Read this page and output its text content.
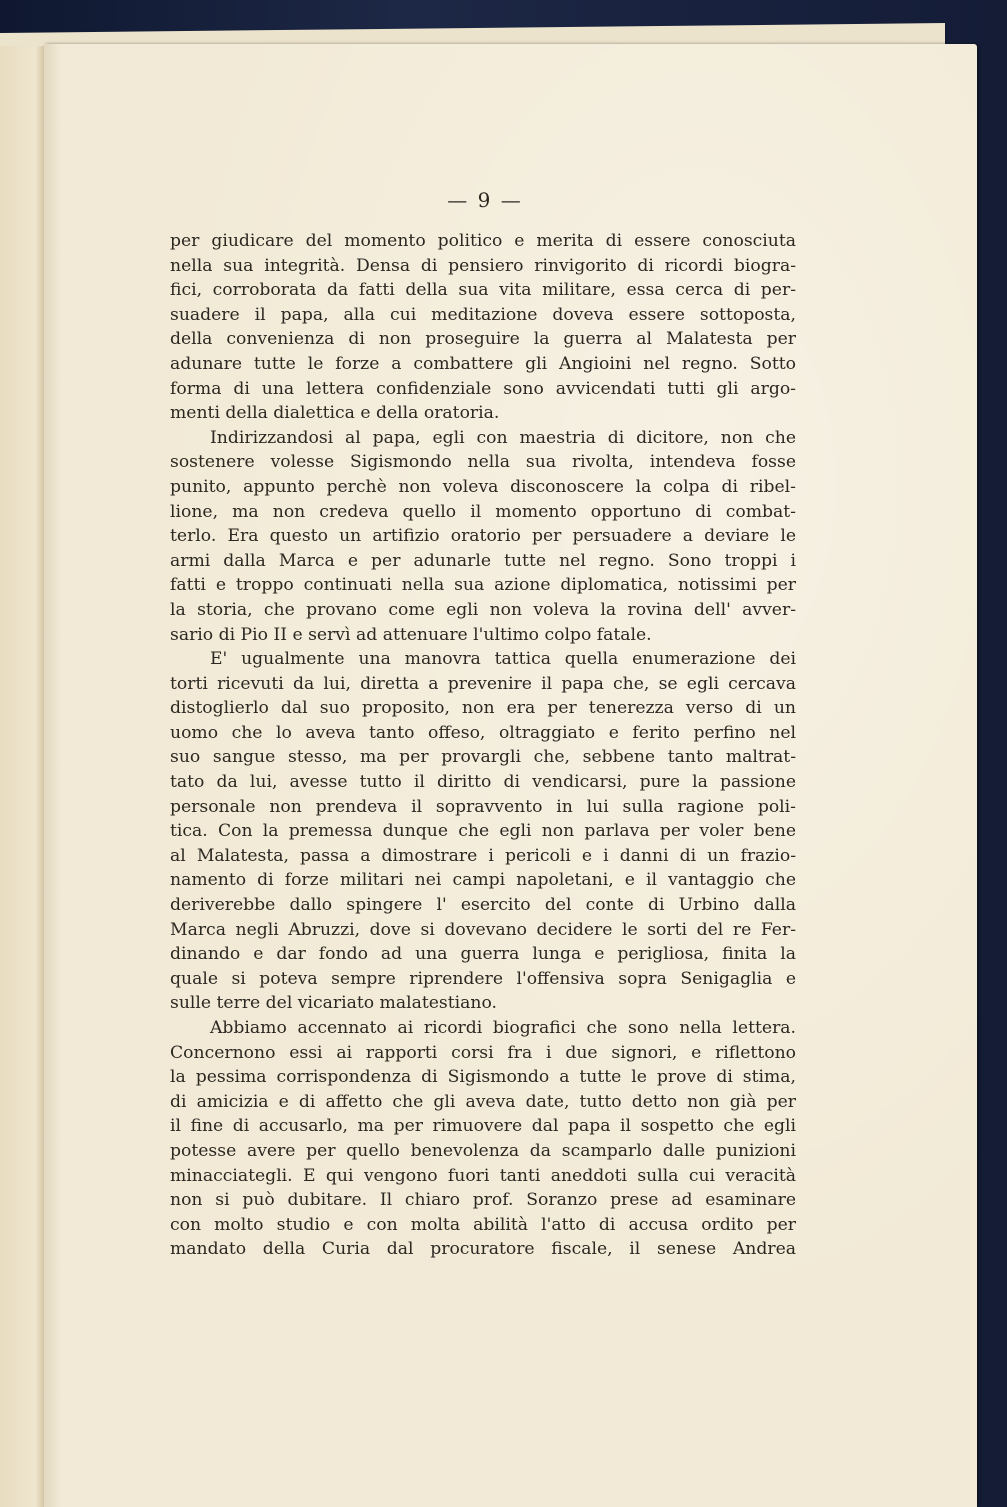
— 9 —
per giudicare del momento politico e merita di essere conosciuta
nella sua integrità. Densa di pensiero rinvigorito di ricordi biogra-
fici, corroborata da fatti della sua vita militare, essa cerca di per-
suadere il papa, alla cui meditazione doveva essere sottoposta,
della convenienza di non proseguire la guerra al Malatesta per
adunare tutte le forze a combattere gli Angioini nel regno. Sotto
forma di una lettera confidenziale sono avvicendati tutti gli argo-
menti della dialettica e della oratoria.
Indirizzandosi al papa, egli con maestria di dicitore, non che
sostenere volesse Sigismondo nella sua rivolta, intendeva fosse
punito, appunto perchè non voleva disconoscere la colpa di ribel-
lione, ma non credeva quello il momento opportuno di combat-
terlo. Era questo un artifizio oratorio per persuadere a deviare le
armi dalla Marca e per adunarle tutte nel regno. Sono troppi i
fatti e troppo continuati nella sua azione diplomatica, notissimi per
la storia, che provano come egli non voleva la rovina dell' avver-
sario di Pio II e servì ad attenuare l'ultimo colpo fatale.
E' ugualmente una manovra tattica quella enumerazione dei
torti ricevuti da lui, diretta a prevenire il papa che, se egli cercava
distoglierlo dal suo proposito, non era per tenerezza verso di un
uomo che lo aveva tanto offeso, oltraggiato e ferito perfino nel
suo sangue stesso, ma per provargli che, sebbene tanto maltrat-
tato da lui, avesse tutto il diritto di vendicarsi, pure la passione
personale non prendeva il sopravvento in lui sulla ragione poli-
tica. Con la premessa dunque che egli non parlava per voler bene
al Malatesta, passa a dimostrare i pericoli e i danni di un frazio-
namento di forze militari nei campi napoletani, e il vantaggio che
deriverebbe dallo spingere l' esercito del conte di Urbino dalla
Marca negli Abruzzi, dove si dovevano decidere le sorti del re Fer-
dinando e dar fondo ad una guerra lunga e perigliosa, finita la
quale si poteva sempre riprendere l'offensiva sopra Senigaglia e
sulle terre del vicariato malatestiano.
Abbiamo accennato ai ricordi biografici che sono nella lettera.
Concernono essi ai rapporti corsi fra i due signori, e riflettono
la pessima corrispondenza di Sigismondo a tutte le prove di stima,
di amicizia e di affetto che gli aveva date, tutto detto non già per
il fine di accusarlo, ma per rimuovere dal papa il sospetto che egli
potesse avere per quello benevolenza da scamparlo dalle punizioni
minacciategli. E qui vengono fuori tanti aneddoti sulla cui veracità
non si può dubitare. Il chiaro prof. Soranzo prese ad esaminare
con molto studio e con molta abilità l'atto di accusa ordito per
mandato della Curia dal procuratore fiscale, il senese Andrea
